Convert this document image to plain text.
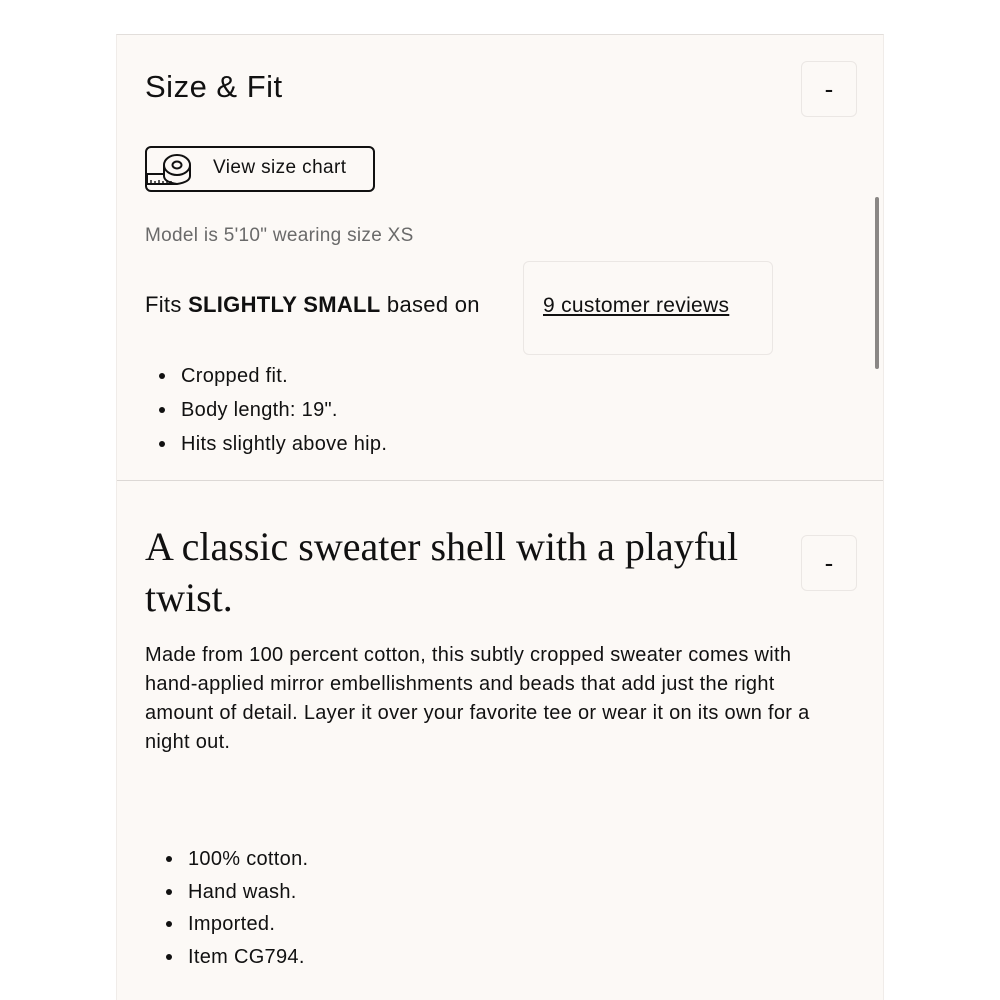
Size & Fit	-
View size chart
Model is 5'10" wearing size XS
Fits SLIGHTLY SMALL based on	9 customer reviews
Cropped fit.
Body length: 19".
Hits slightly above hip.
A classic sweater shell with a playful twist.
-
Made from 100 percent cotton, this subtly cropped sweater comes with hand-applied mirror embellishments and beads that add just the right amount of detail. Layer it over your favorite tee or wear it on its own for a night out.
100% cotton.
Hand wash.
Imported.
Item CG794.
